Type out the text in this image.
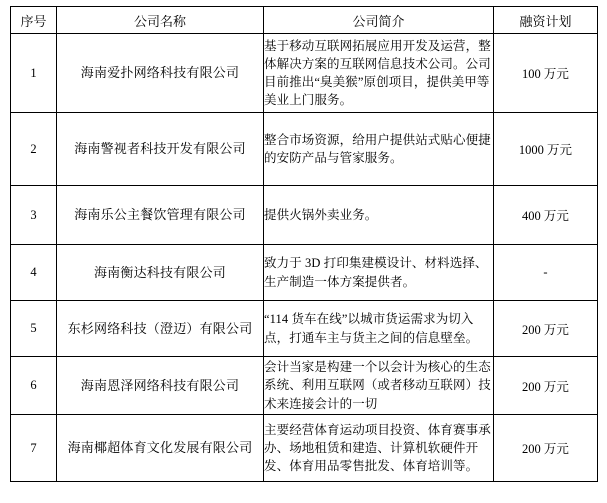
序号	公司名称	公司简介	融资计划
1	海南爱扑网络科技有限公司	基于移动互联网拓展应用开发及运营，整体解决方案的互联网信息技术公司。公司目前推出“臭美猴”原创项目，提供美甲等美业上门服务。	100 万元
2	海南警视者科技开发有限公司	整合市场资源，给用户提供站式贴心便捷的安防产品与管家服务。	1000 万元
3	海南乐公主餐饮管理有限公司	提供火锅外卖业务。	400 万元
4	海南衡达科技有限公司	致力于 3D 打印集建模设计、材料选择、生产制造一体方案提供者。	-
5	东杉网络科技（澄迈）有限公司	“114 货车在线”以城市货运需求为切入点，打通车主与货主之间的信息壁垒。	200 万元
6	海南恩泽网络科技有限公司	会计当家是构建一个以会计为核心的生态系统、利用互联网（或者移动互联网）技术来连接会计的一切	200 万元
7	海南椰超体育文化发展有限公司	主要经营体育运动项目投资、体育赛事承办、场地租赁和建造、计算机软硬件开发、体育用品零售批发、体育培训等。	200 万元
